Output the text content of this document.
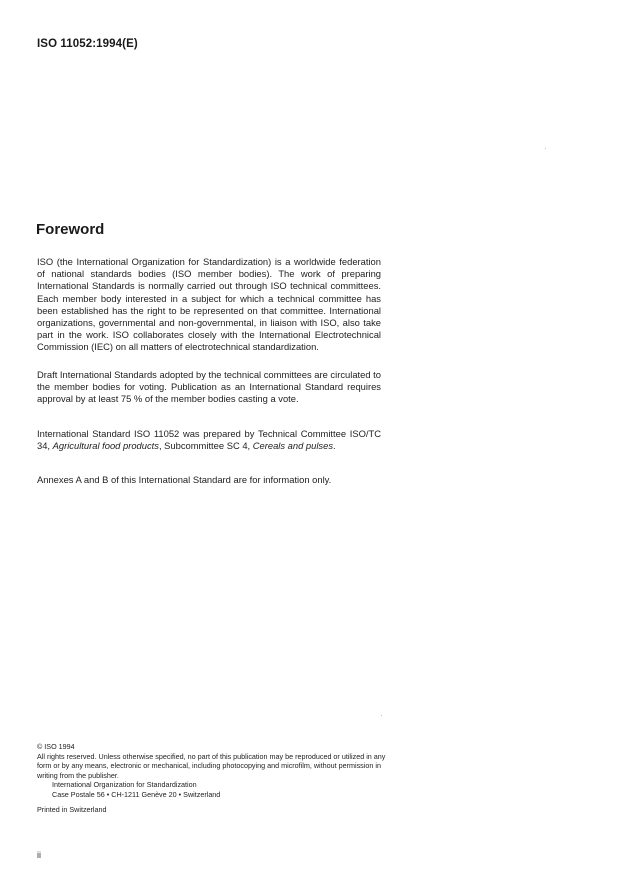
ISO 11052:1994(E)
Foreword

ISO (the International Organization for Standardization) is a worldwide federation of national standards bodies (ISO member bodies). The work of preparing International Standards is normally carried out through ISO technical committees. Each member body interested in a subject for which a technical committee has been established has the right to be represented on that committee. International organizations, governmental and non-governmental, in liaison with ISO, also take part in the work. ISO collaborates closely with the International Electrotechnical Commission (IEC) on all matters of electrotechnical standardization.

Draft International Standards adopted by the technical committees are circulated to the member bodies for voting. Publication as an International Standard requires approval by at least 75 % of the member bodies casting a vote.

International Standard ISO 11052 was prepared by Technical Committee ISO/TC 34, Agricultural food products, Subcommittee SC 4, Cereals and pulses.

Annexes A and B of this International Standard are for information only.

© ISO 1994
All rights reserved. Unless otherwise specified, no part of this publication may be reproduced or utilized in any form or by any means, electronic or mechanical, including photocopying and microfilm, without permission in writing from the publisher.
International Organization for Standardization
Case Postale 56 • CH-1211 Genève 20 • Switzerland
Printed in Switzerland
ii
